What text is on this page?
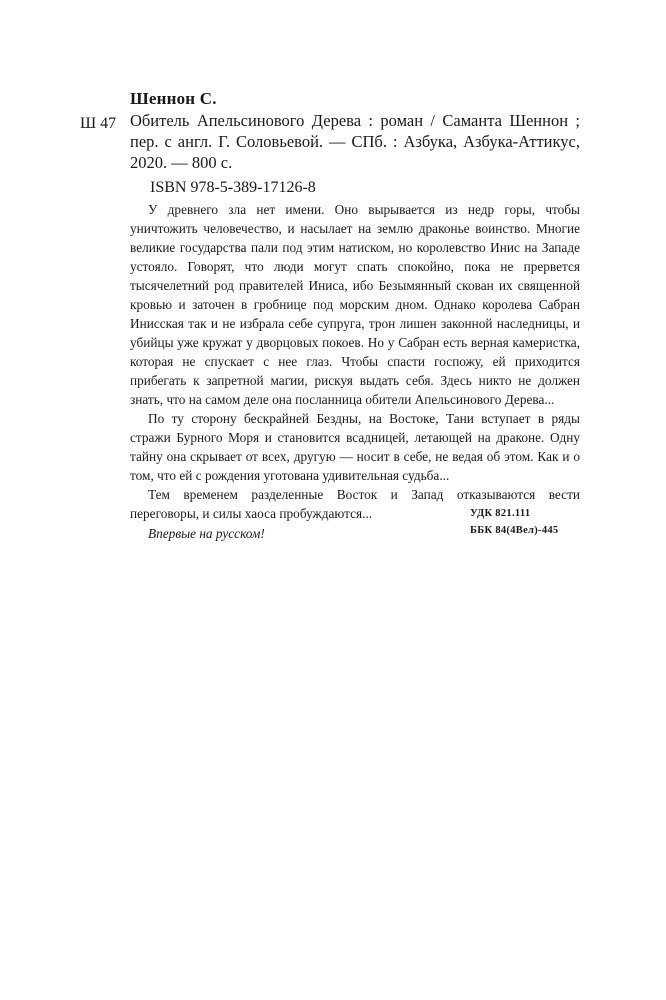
Шеннон С.
Ш 47 Обитель Апельсинового Дерева : роман / Саманта Шеннон ; пер. с англ. Г. Соловьевой. — СПб. : Азбука, Азбука-Аттикус, 2020. — 800 с.
ISBN 978-5-389-17126-8

У древнего зла нет имени. Оно вырывается из недр горы, чтобы уничтожить человечество, и насылает на землю драконье воинство. Многие великие государства пали под этим натиском, но королевство Инис на Западе устояло. Говорят, что люди могут спать спокойно, пока не прервется тысячелетний род правителей Иниса, ибо Безымянный скован их священной кровью и заточен в гробнице под морским дном. Однако королева Сабран Иниcская так и не избрала себе супруга, трон лишен законной наследницы, и убийцы уже кружат у дворцовых покоев. Но у Сабран есть верная камеристка, которая не спускает с нее глаз. Чтобы спасти госпожу, ей приходится прибегать к запретной магии, рискуя выдать себя. Здесь никто не должен знать, что на самом деле она посланница обители Апельсинового Дерева...

По ту сторону бескрайней Бездны, на Востоке, Тани вступает в ряды стражи Бурного Моря и становится всадницей, летающей на драконе. Одну тайну она скрывает от всех, другую — носит в себе, не ведая об этом. Как и о том, что ей с рождения уготована удивительная судьба...

Тем временем разделенные Восток и Запад отказываются вести переговоры, и силы хаоса пробуждаются...

Впервые на русском!

УДК 821.111
ББК 84(4Вел)-445
